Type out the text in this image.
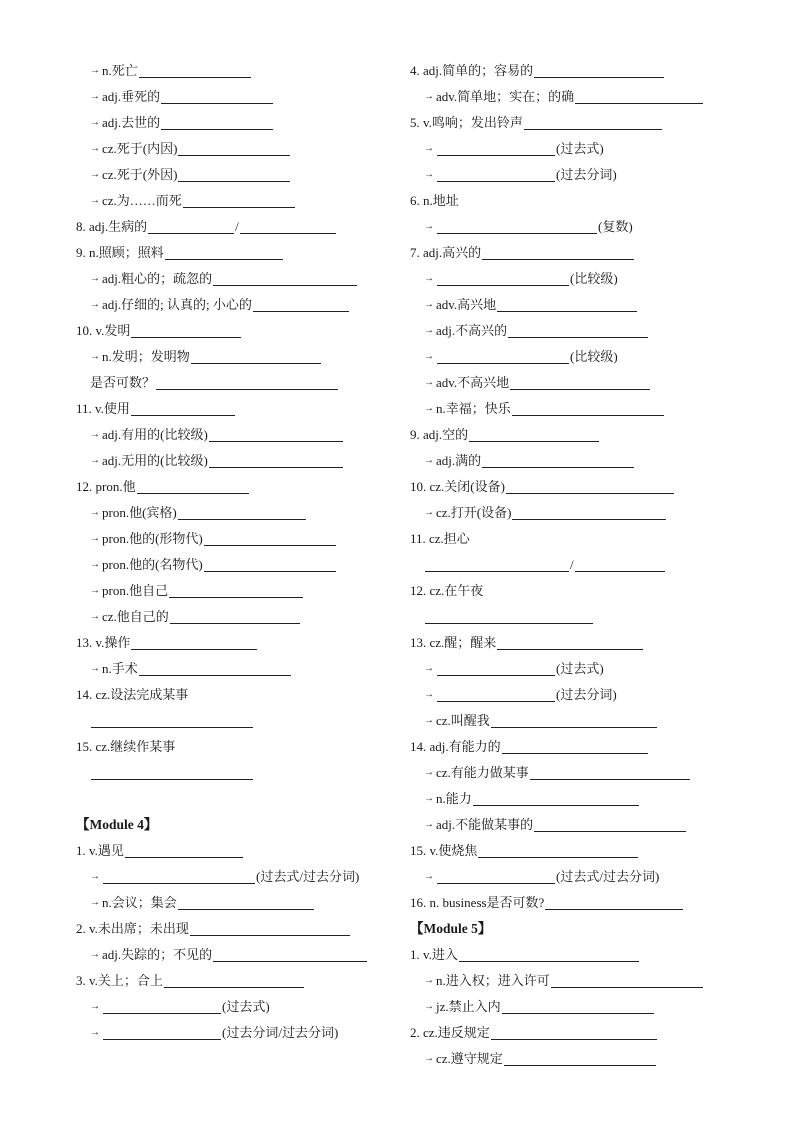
→ n.死亡
→ adj.垂死的
→ adj.去世的
→ cz.死于(内因)
→ cz.死于(外因)
→ cz.为……而死
8. adj.生病的	/
9. n.照顾；照料
→ adj.粗心的；疏忽的
→ adj.仔细的; 认真的; 小心的
10. v.发明
→ n.发明；发明物
是否可数？
11. v.使用
→ adj.有用的(比较级)
→ adj.无用的(比较级)
12. pron.他
→ pron.他(宾格)
→ pron.他的(形物代)
→ pron.他的(名物代)
→ pron.他自己
→ cz.他自己的
13. v.操作
→ n.手术
14. cz.设法完成某事
15. cz.继续作某事
【Module 4】
1. v.遇见
→	(过去式/过去分词)
→ n.会议；集会
2. v.未出席；未出现
→ adj.失踪的；不见的
3. v.关上；合上
→	(过去式)
→	(过去分词/过去分词)
4. adj.简单的；容易的
→ adv.简单地；实在；的确
5. v.鸣响；发出铃声
→	(过去式)
→	(过去分词)
6. n.地址
→	(复数)
7. adj.高兴的
→	(比较级)
→ adv.高兴地
→ adj.不高兴的
→	(比较级)
→ adv.不高兴地
→ n.幸福；快乐
9. adj.空的
→ adj.满的
10. cz.关闭(设备)
→ cz.打开(设备)
11. cz.担心
/
12. cz.在午夜
13. cz.醒；醒来
→	(过去式)
→	(过去分词)
→ cz.叫醒我
14. adj.有能力的
→ cz.有能力做某事
→ n.能力
→ adj.不能做某事的
15. v.使烧焦
→	(过去式/过去分词)
16. n. business是否可数?
【Module 5】
1. v.进入
→ n.进入权；进入许可
→ jz.禁止入内
2. cz.违反规定
→ cz.遵守规定
